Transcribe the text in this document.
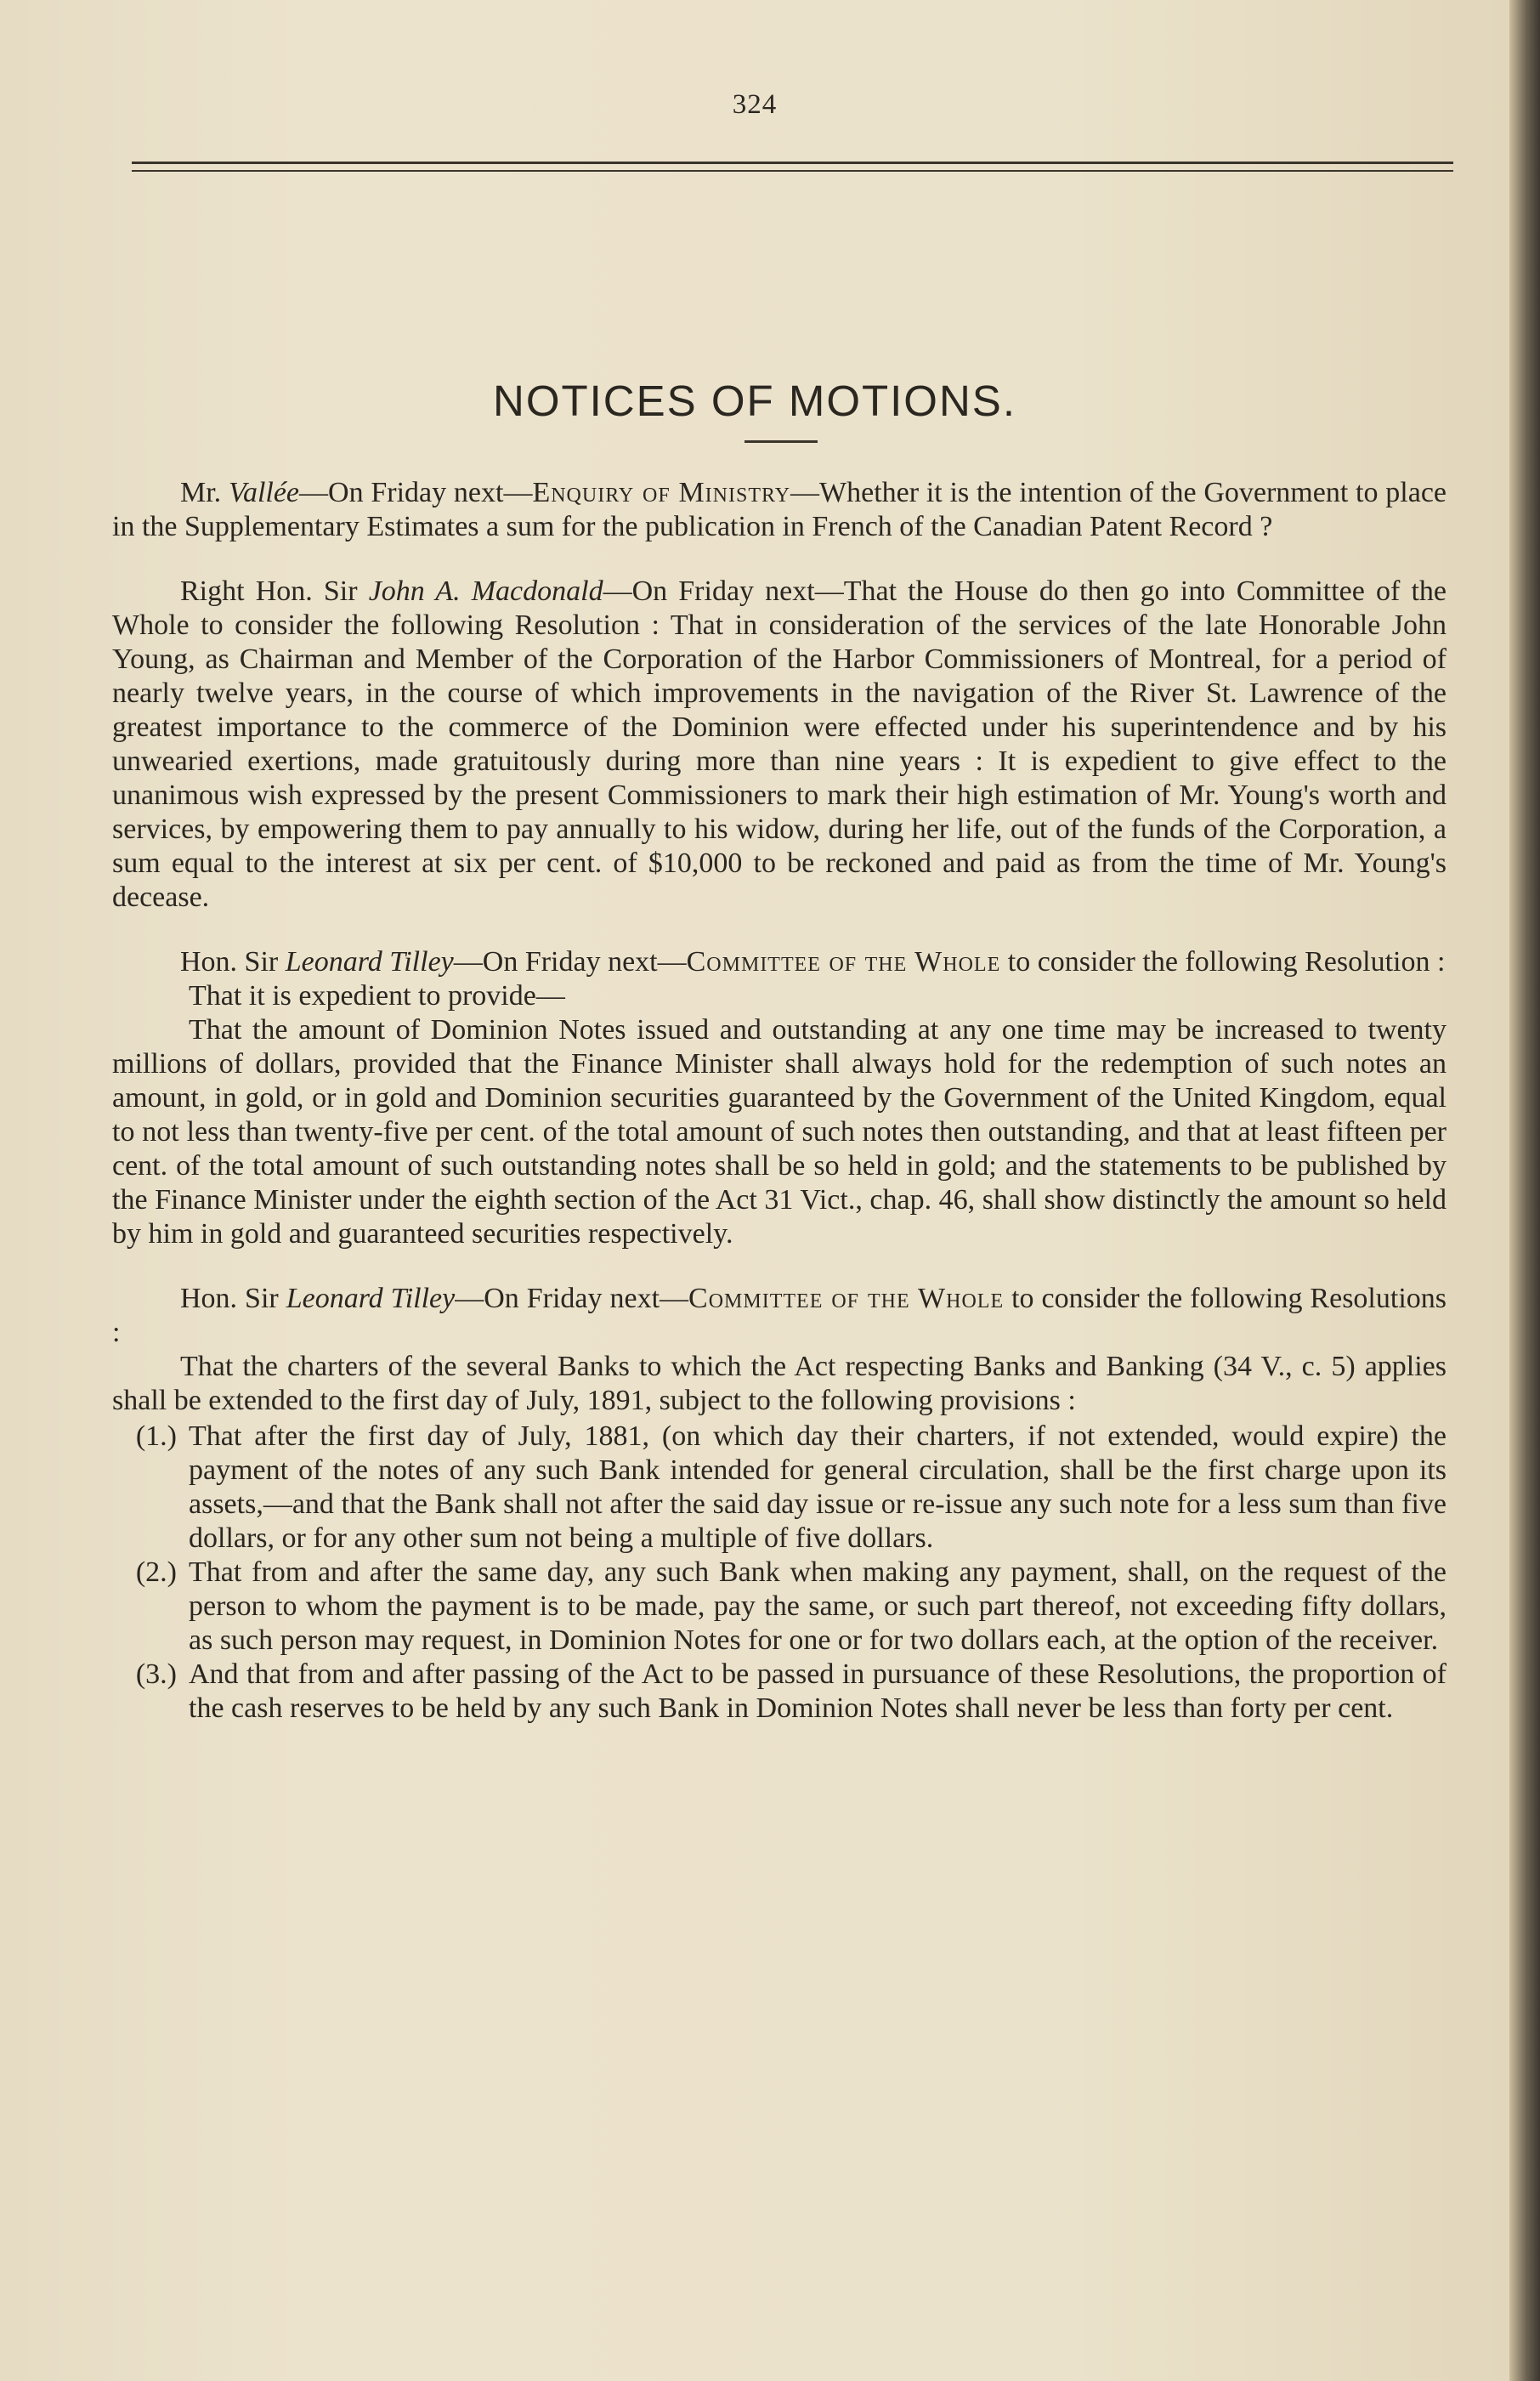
324
NOTICES OF MOTIONS.

Mr. Vallée—On Friday next—Enquiry of Ministry—Whether it is the intention of the Government to place in the Supplementary Estimates a sum for the publication in French of the Canadian Patent Record ?

Right Hon. Sir John A. Macdonald—On Friday next—That the House do then go into Committee of the Whole to consider the following Resolution : That in consideration of the services of the late Honorable John Young, as Chairman and Member of the Corporation of the Harbor Commissioners of Montreal, for a period of nearly twelve years, in the course of which improvements in the navigation of the River St. Lawrence of the greatest importance to the commerce of the Dominion were effected under his superintendence and by his unwearied exertions, made gratuitously during more than nine years : It is expedient to give effect to the unanimous wish expressed by the present Commissioners to mark their high estimation of Mr. Young's worth and services, by empowering them to pay annually to his widow, during her life, out of the funds of the Corporation, a sum equal to the interest at six per cent. of $10,000 to be reckoned and paid as from the time of Mr. Young's decease.

Hon. Sir Leonard Tilley—On Friday next—Committee of the Whole to consider the following Resolution :

That it is expedient to provide—

That the amount of Dominion Notes issued and outstanding at any one time may be increased to twenty millions of dollars, provided that the Finance Minister shall always hold for the redemption of such notes an amount, in gold, or in gold and Dominion securities guaranteed by the Government of the United Kingdom, equal to not less than twenty-five per cent. of the total amount of such notes then outstanding, and that at least fifteen per cent. of the total amount of such outstanding notes shall be so held in gold; and the statements to be published by the Finance Minister under the eighth section of the Act 31 Vict., chap. 46, shall show distinctly the amount so held by him in gold and guaranteed securities respectively.

Hon. Sir Leonard Tilley—On Friday next—Committee of the Whole to consider the following Resolutions :

That the charters of the several Banks to which the Act respecting Banks and Banking (34 V., c. 5) applies shall be extended to the first day of July, 1891, subject to the following provisions :

(1.) That after the first day of July, 1881, (on which day their charters, if not extended, would expire) the payment of the notes of any such Bank intended for general circulation, shall be the first charge upon its assets,—and that the Bank shall not after the said day issue or re-issue any such note for a less sum than five dollars, or for any other sum not being a multiple of five dollars.
(2.) That from and after the same day, any such Bank when making any payment, shall, on the request of the person to whom the payment is to be made, pay the same, or such part thereof, not exceeding fifty dollars, as such person may request, in Dominion Notes for one or for two dollars each, at the option of the receiver.
(3.) And that from and after passing of the Act to be passed in pursuance of these Resolutions, the proportion of the cash reserves to be held by any such Bank in Dominion Notes shall never be less than forty per cent.
